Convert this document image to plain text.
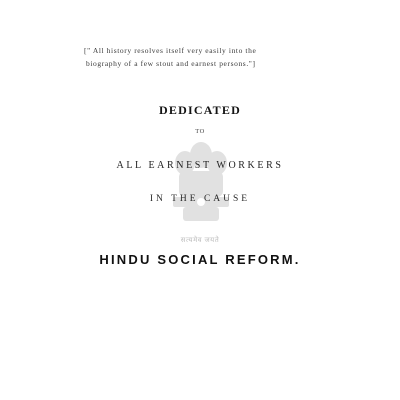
[" All history resolves itself very easily into the
biography of a few stout and earnest persons."]
DEDICATED
TO
ALL EARNEST WORKERS
IN THE CAUSE
सत्यमेव जयते
HINDU SOCIAL REFORM.
